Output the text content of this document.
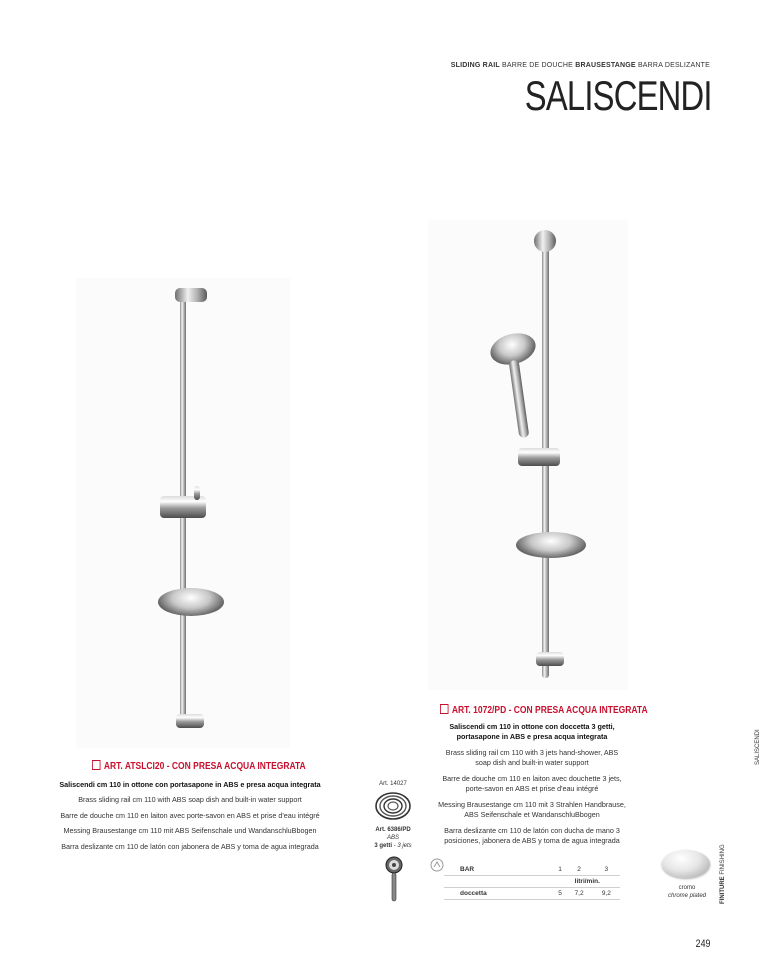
SLIDING RAIL BARRE DE DOUCHE BRAUSESTANGE BARRA DESLIZANTE
SALISCENDI
ART. ATSLCI20 - CON PRESA ACQUA INTEGRATA

Saliscendi cm 110 in ottone con portasapone in ABS e presa acqua integrata

Brass sliding rail cm 110 with ABS soap dish and built-in water support

Barre de douche cm 110 en laiton avec porte-savon en ABS et prise d'eau intégré

Messing Brausestange cm 110 mit ABS Seifenschale und WandanschluBbogen

Barra deslizante cm 110 de latón con jabonera de ABS y toma de agua integrada

Art. 14027
Art. 6386/PD
ABS
3 getti - 3 jets
ART. 1072/PD - CON PRESA ACQUA INTEGRATA

Saliscendi cm 110 in ottone con doccetta 3 getti, portasapone in ABS e presa acqua integrata

Brass sliding rail cm 110 with 3 jets hand-shower, ABS soap dish and built-in water support

Barre de douche cm 110 en laiton avec douchette 3 jets, porte-savon en ABS et prise d'eau intégré

Messing Brausestange cm 110 mit 3 Strahlen Handbrause, ABS Seifenschale et WandanschluBbogen

Barra deslizante cm 110 de latón con ducha de mano 3 posiciones, jabonera de ABS y toma de agua integrada

BAR	1	2	3
	litri/min.		
doccetta	5	7,2	9,2
cromo
chrome plated
SALISCENDI
FINITURE FINISHING
249
